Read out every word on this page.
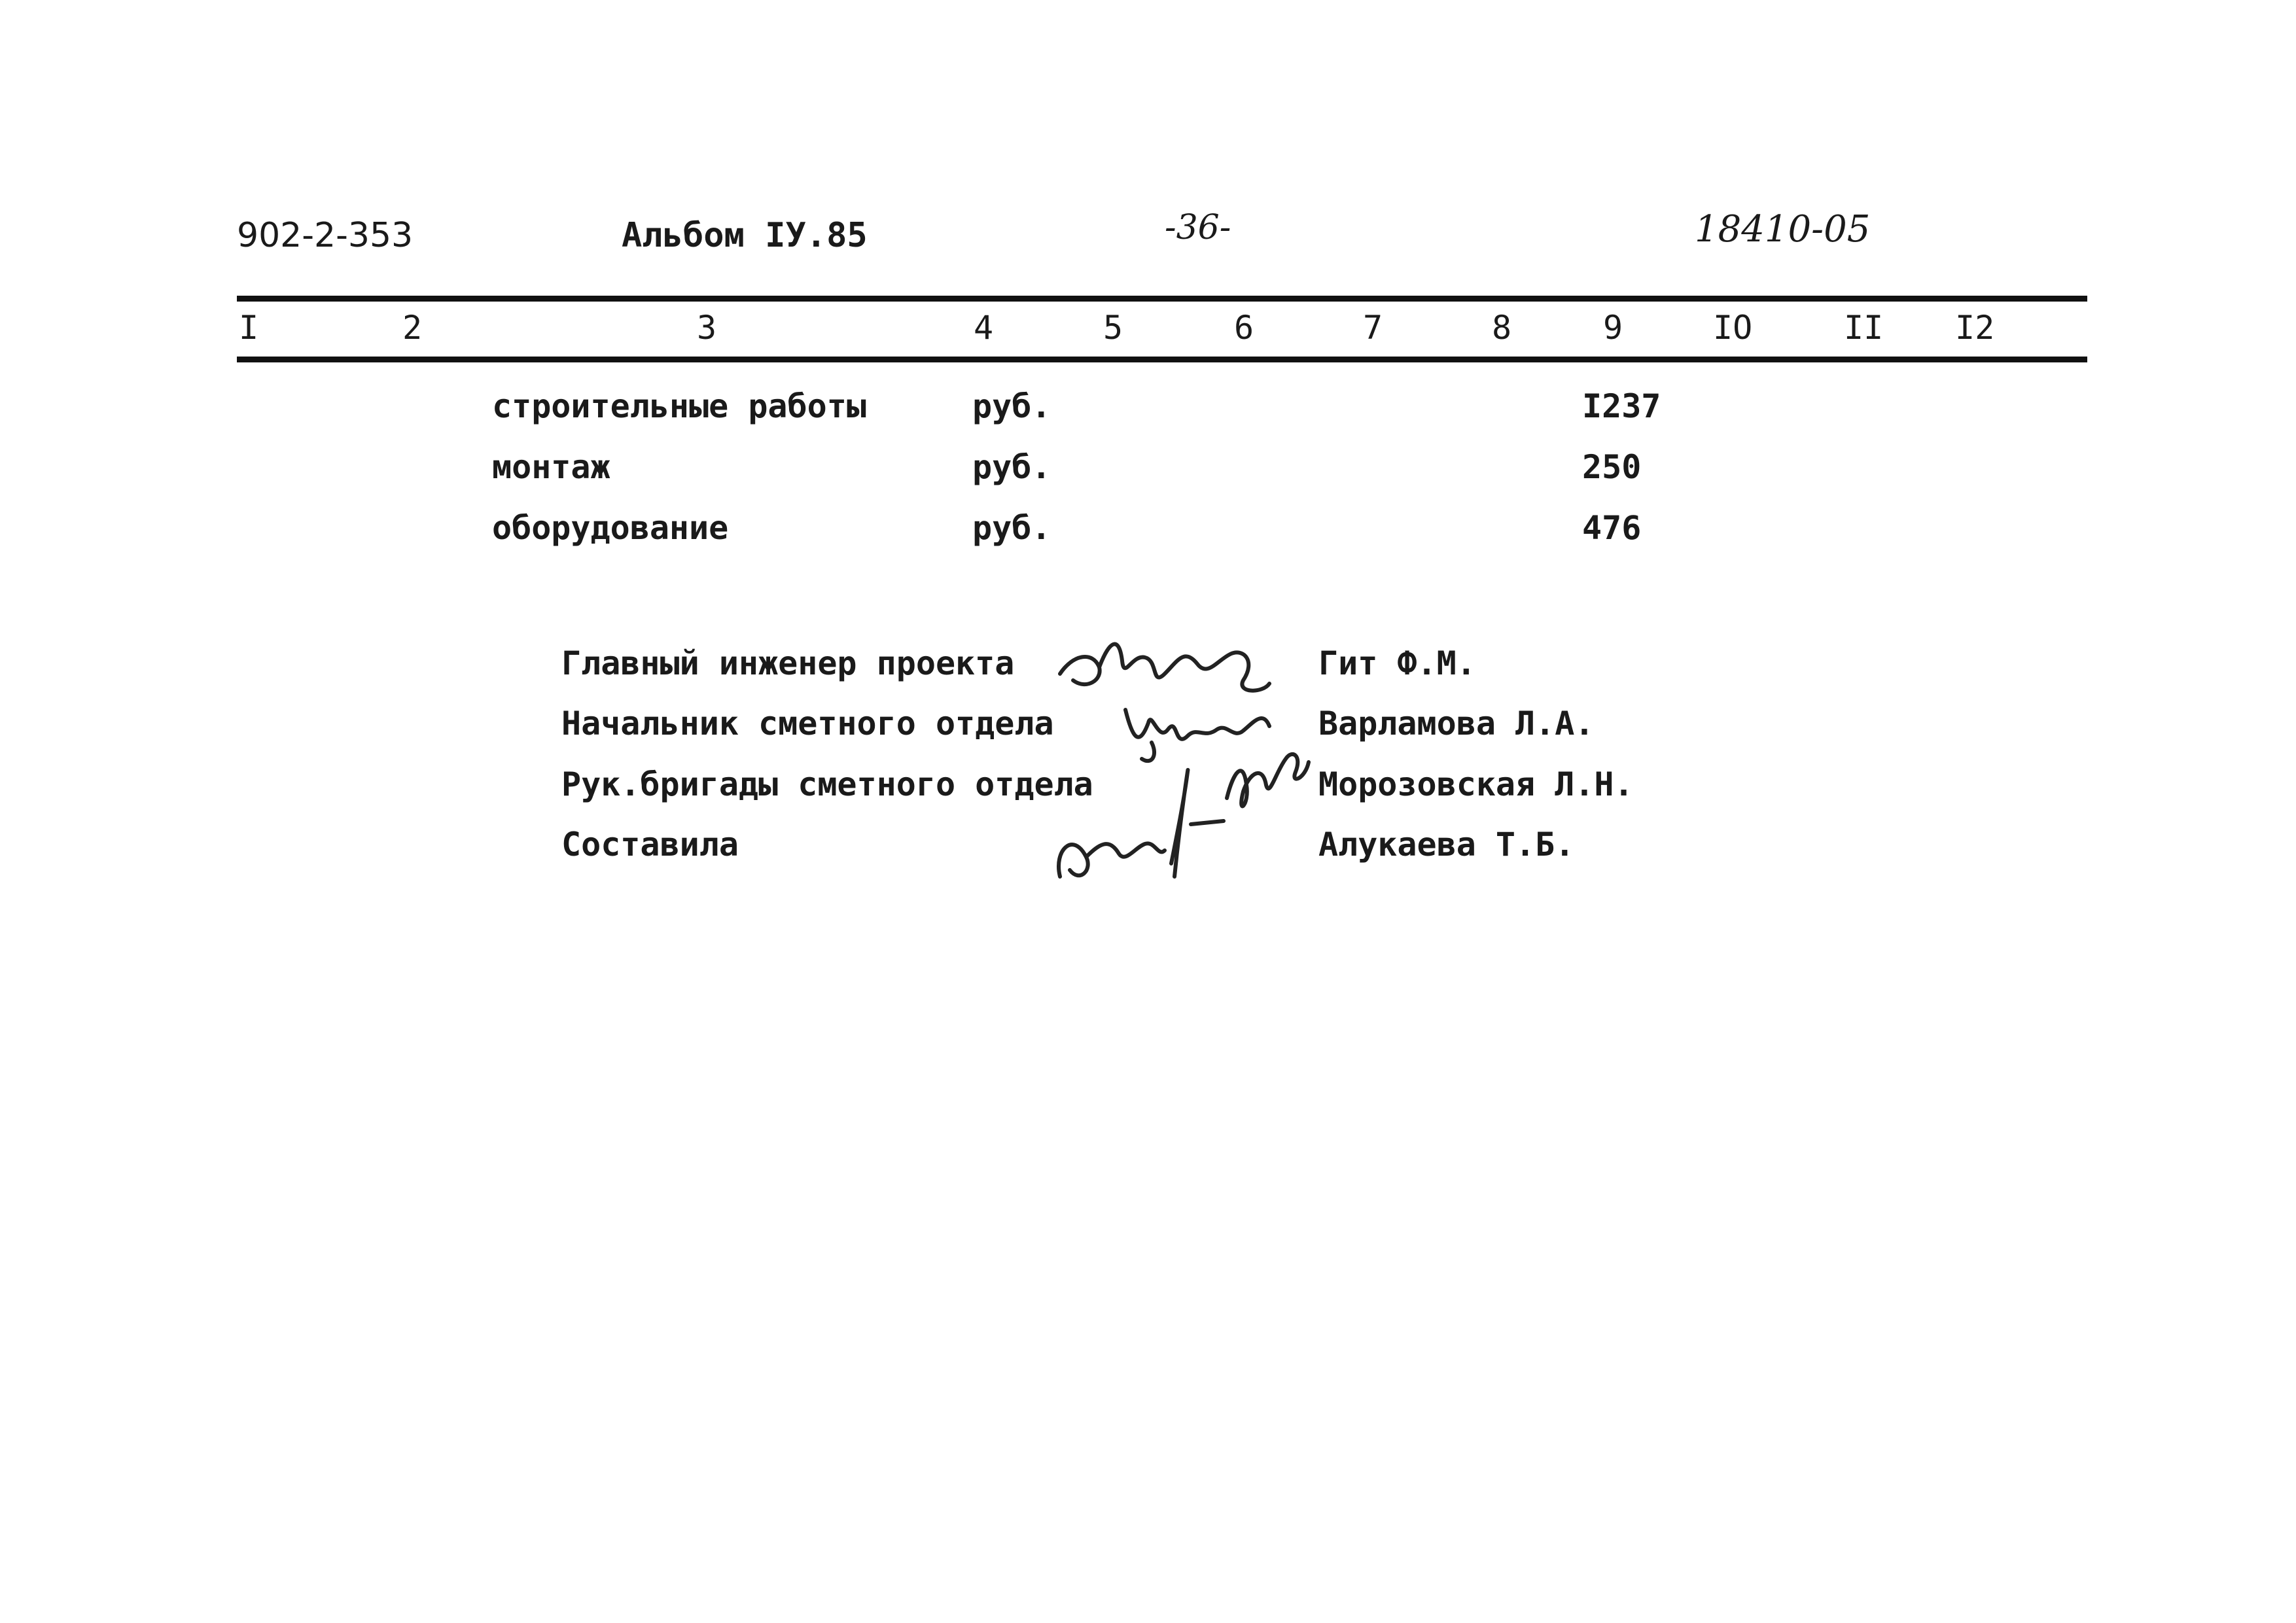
902-2-353	Альбом IУ.85	-36-	18410-05
I	2	3	4	5	6	7	8	9	IO	II I2
строительные работы	руб.	I237
монтаж	руб.	250
оборудование	руб.	476
Главный инженер проекта	Гит Ф.М.
Начальник сметного отдела	Варламова Л.А.
Рук.бригады сметного отдела	Морозовская Л.Н.
Составила	Алукаева Т.Б.
